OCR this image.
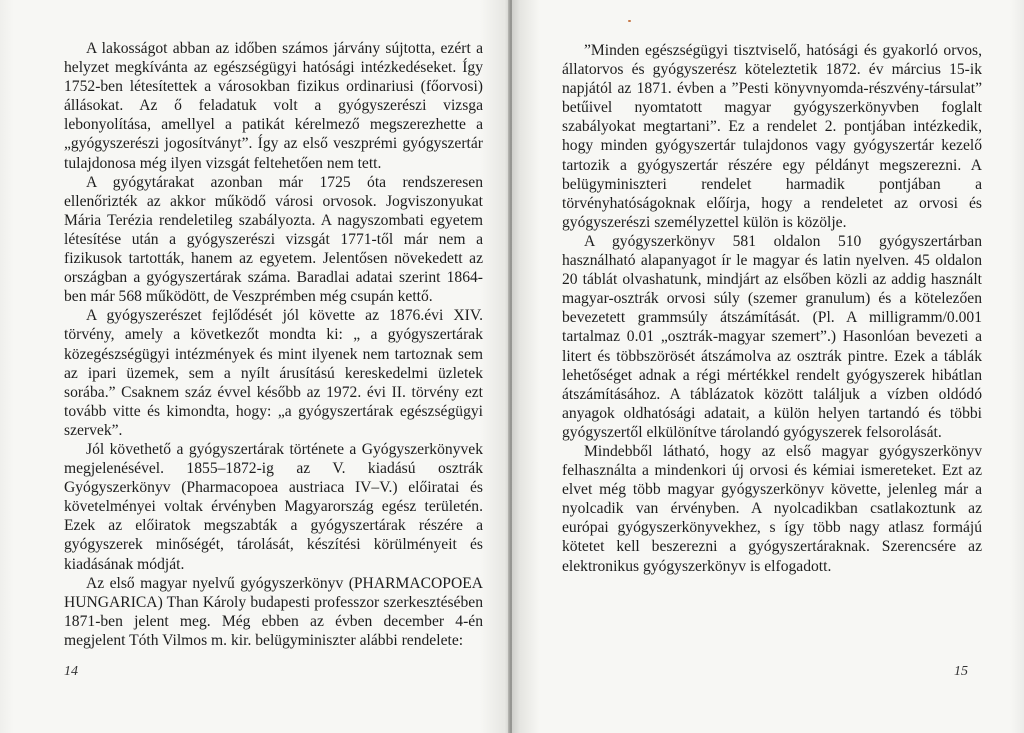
A lakosságot abban az időben számos járvány sújtotta, ezért a helyzet megkívánta az egészségügyi hatósági intézkedéseket. Így 1752-ben létesítettek a városokban fizikus ordinariusi (főorvosi) állásokat. Az ő feladatuk volt a gyógyszerészi vizsga lebonyolítása, amellyel a patikát kérelmező megszerezhette a „gyógyszerészi jogosítványt”. Így az első veszprémi gyógyszertár tulajdonosa még ilyen vizsgát feltehetően nem tett.

A gyógytárakat azonban már 1725 óta rendszeresen ellenőrizték az akkor működő városi orvosok. Jogviszonyukat Mária Terézia rendeletileg szabályozta. A nagyszombati egyetem létesítése után a gyógyszerészi vizsgát 1771-től már nem a fizikusok tartották, hanem az egyetem. Jelentősen növekedett az országban a gyógyszertárak száma. Baradlai adatai szerint 1864-ben már 568 működött, de Veszprémben még csupán kettő.

A gyógyszerészet fejlődését jól követte az 1876.évi XIV. törvény, amely a következőt mondta ki: „ a gyógyszertárak közegészségügyi intézmények és mint ilyenek nem tartoznak sem az ipari üzemek, sem a nyílt árusítású kereskedelmi üzletek sorába.” Csaknem száz évvel később az 1972. évi II. törvény ezt tovább vitte és kimondta, hogy: „a gyógyszertárak egészségügyi szervek”.

Jól követhető a gyógyszertárak története a Gyógyszerkönyvek megjelenésével. 1855–1872-ig az V. kiadású osztrák Gyógyszerkönyv (Pharmacopoea austriaca IV–V.) előiratai és követelményei voltak érvényben Magyarország egész területén. Ezek az előiratok megszabták a gyógyszertárak részére a gyógyszerek minőségét, tárolását, készítési körülményeit és kiadásának módját.

Az első magyar nyelvű gyógyszerkönyv (PHARMACOPOEA HUNGARICA) Than Károly budapesti professzor szerkesztésében 1871-ben jelent meg. Még ebben az évben december 4-én megjelent Tóth Vilmos m. kir. belügyminiszter alábbi rendelete:

14

”Minden egészségügyi tisztviselő, hatósági és gyakorló orvos, állatorvos és gyógyszerész köteleztetik 1872. év március 15-ik napjától az 1871. évben a ”Pesti könyvnyomda-részvény-társulat” betűivel nyomtatott magyar gyógyszerkönyvben foglalt szabályokat megtartani”. Ez a rendelet 2. pontjában intézkedik, hogy minden gyógyszertár tulajdonos vagy gyógyszertár kezelő tartozik a gyógyszertár részére egy példányt megszerezni. A belügyminiszteri rendelet harmadik pontjában a törvényhatóságoknak előírja, hogy a rendeletet az orvosi és gyógyszerészi személyzettel külön is közölje.

A gyógyszerkönyv 581 oldalon 510 gyógyszertárban használható alapanyagot ír le magyar és latin nyelven. 45 oldalon 20 táblát olvashatunk, mindjárt az elsőben közli az addig használt magyar-osztrák orvosi súly (szemer granulum) és a kötelezően bevezetett grammsúly átszámítását. (Pl. A milligramm/0.001 tartalmaz 0.01 „osztrák-magyar szemert”.) Hasonlóan bevezeti a litert és többszörösét átszámolva az osztrák pintre. Ezek a táblák lehetőséget adnak a régi mértékkel rendelt gyógyszerek hibátlan átszámításához. A táblázatok között találjuk a vízben oldódó anyagok oldhatósági adatait, a külön helyen tartandó és többi gyógyszertől elkülönítve tárolandó gyógyszerek felsorolását.

Mindebből látható, hogy az első magyar gyógyszerkönyv felhasználta a mindenkori új orvosi és kémiai ismereteket. Ezt az elvet még több magyar gyógyszerkönyv követte, jelenleg már a nyolcadik van érvényben. A nyolcadikban csatlakoztunk az európai gyógyszerkönyvekhez, s így több nagy atlasz formájú kötetet kell beszerezni a gyógyszertáraknak. Szerencsére az elektronikus gyógyszerkönyv is elfogadott.

15
